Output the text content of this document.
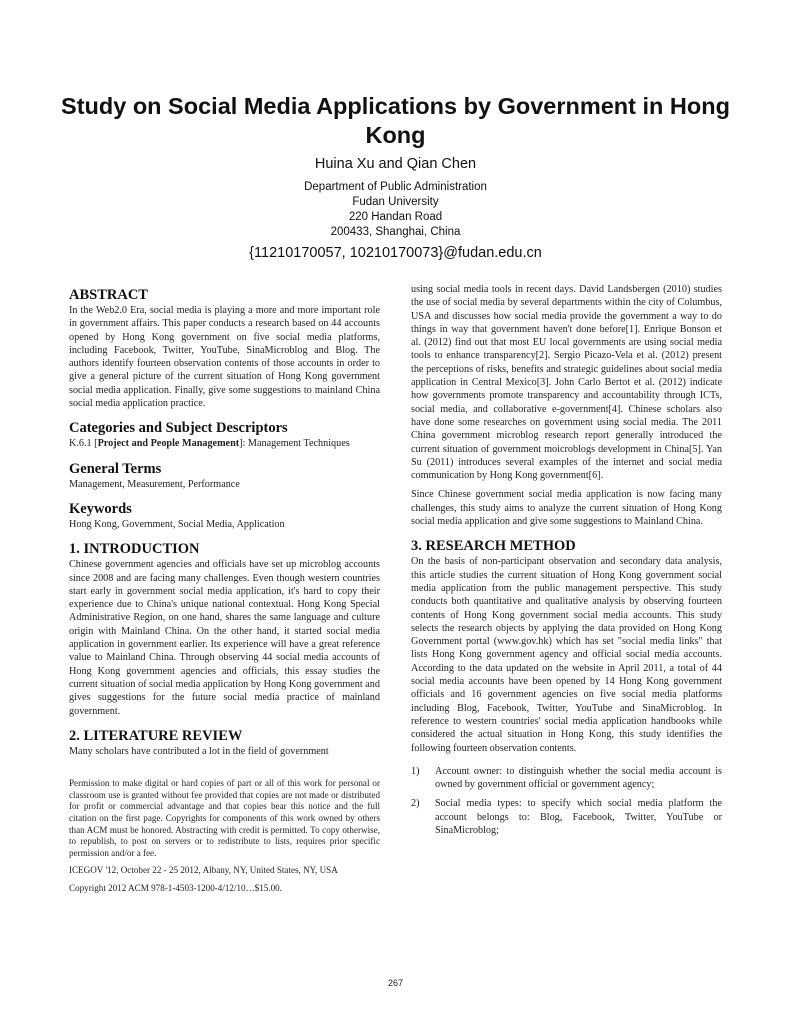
Study on Social Media Applications by Government in Hong Kong
Huina Xu and Qian Chen
Department of Public Administration
Fudan University
220 Handan Road
200433, Shanghai, China
{11210170057, 10210170073}@fudan.edu.cn
ABSTRACT

In the Web2.0 Era, social media is playing a more and more important role in government affairs. This paper conducts a research based on 44 accounts opened by Hong Kong government on five social media platforms, including Facebook, Twitter, YouTube, SinaMicroblog and Blog. The authors identify fourteen observation contents of those accounts in order to give a general picture of the current situation of Hong Kong government social media application. Finally, give some suggestions to mainland China social media application practice.

Categories and Subject Descriptors

K.6.1 [Project and People Management]: Management Techniques

General Terms

Management, Measurement, Performance

Keywords

Hong Kong, Government, Social Media, Application

1. INTRODUCTION

Chinese government agencies and officials have set up microblog accounts since 2008 and are facing many challenges. Even though western countries start early in government social media application, it's hard to copy their experience due to China's unique national contextual. Hong Kong Special Administrative Region, on one hand, shares the same language and culture origin with Mainland China. On the other hand, it started social media application in government earlier. Its experience will have a great reference value to Mainland China. Through observing 44 social media accounts of Hong Kong government agencies and officials, this essay studies the current situation of social media application by Hong Kong government and gives suggestions for the future social media practice of mainland government.

2. LITERATURE REVIEW

Many scholars have contributed a lot in the field of government

Permission to make digital or hard copies of part or all of this work for personal or classroom use is granted without fee provided that copies are not made or distributed for profit or commercial advantage and that copies bear this notice and the full citation on the first page. Copyrights for components of this work owned by others than ACM must be honored. Abstracting with credit is permitted. To copy otherwise, to republish, to post on servers or to redistribute to lists, requires prior specific permission and/or a fee.

ICEGOV '12, October 22 - 25 2012, Albany, NY, United States, NY, USA

Copyright 2012 ACM 978-1-4503-1200-4/12/10…$15.00.

using social media tools in recent days. David Landsbergen (2010) studies the use of social media by several departments within the city of Columbus, USA and discusses how social media provide the government a way to do things in way that government haven't done before[1]. Enrique Bonson et al. (2012) find out that most EU local governments are using social media tools to enhance transparency[2]. Sergio Picazo-Vela et al. (2012) present the perceptions of risks, benefits and strategic guidelines about social media application in Central Mexico[3]. John Carlo Bertot et al. (2012) indicate how governments promote transparency and accountability through ICTs, social media, and collaborative e-government[4]. Chinese scholars also have done some researches on government using social media. The 2011 China government microblog research report generally introduced the current situation of government moicroblogs development in China[5]. Yan Su (2011) introduces several examples of the internet and social media communication by Hong Kong government[6].

Since Chinese government social media application is now facing many challenges, this study aims to analyze the current situation of Hong Kong social media application and give some suggestions to Mainland China.

3. RESEARCH METHOD

On the basis of non-participant observation and secondary data analysis, this article studies the current situation of Hong Kong government social media application from the public management perspective. This study conducts both quantitative and qualitative analysis by observing fourteen contents of Hong Kong government social media accounts. This study selects the research objects by applying the data provided on Hong Kong Government portal (www.gov.hk) which has set "social media links" that lists Hong Kong government agency and official social media accounts. According to the data updated on the website in April 2011, a total of 44 social media accounts have been opened by 14 Hong Kong government officials and 16 government agencies on five social media platforms including Blog, Facebook, Twitter, YouTube and SinaMicroblog. In reference to western countries' social media application handbooks while considered the actual situation in Hong Kong, this study identifies the following fourteen observation contents.

1) Account owner: to distinguish whether the social media account is owned by government official or government agency;
2) Social media types: to specify which social media platform the account belongs to: Blog, Facebook, Twitter, YouTube or SinaMicroblog;
267
